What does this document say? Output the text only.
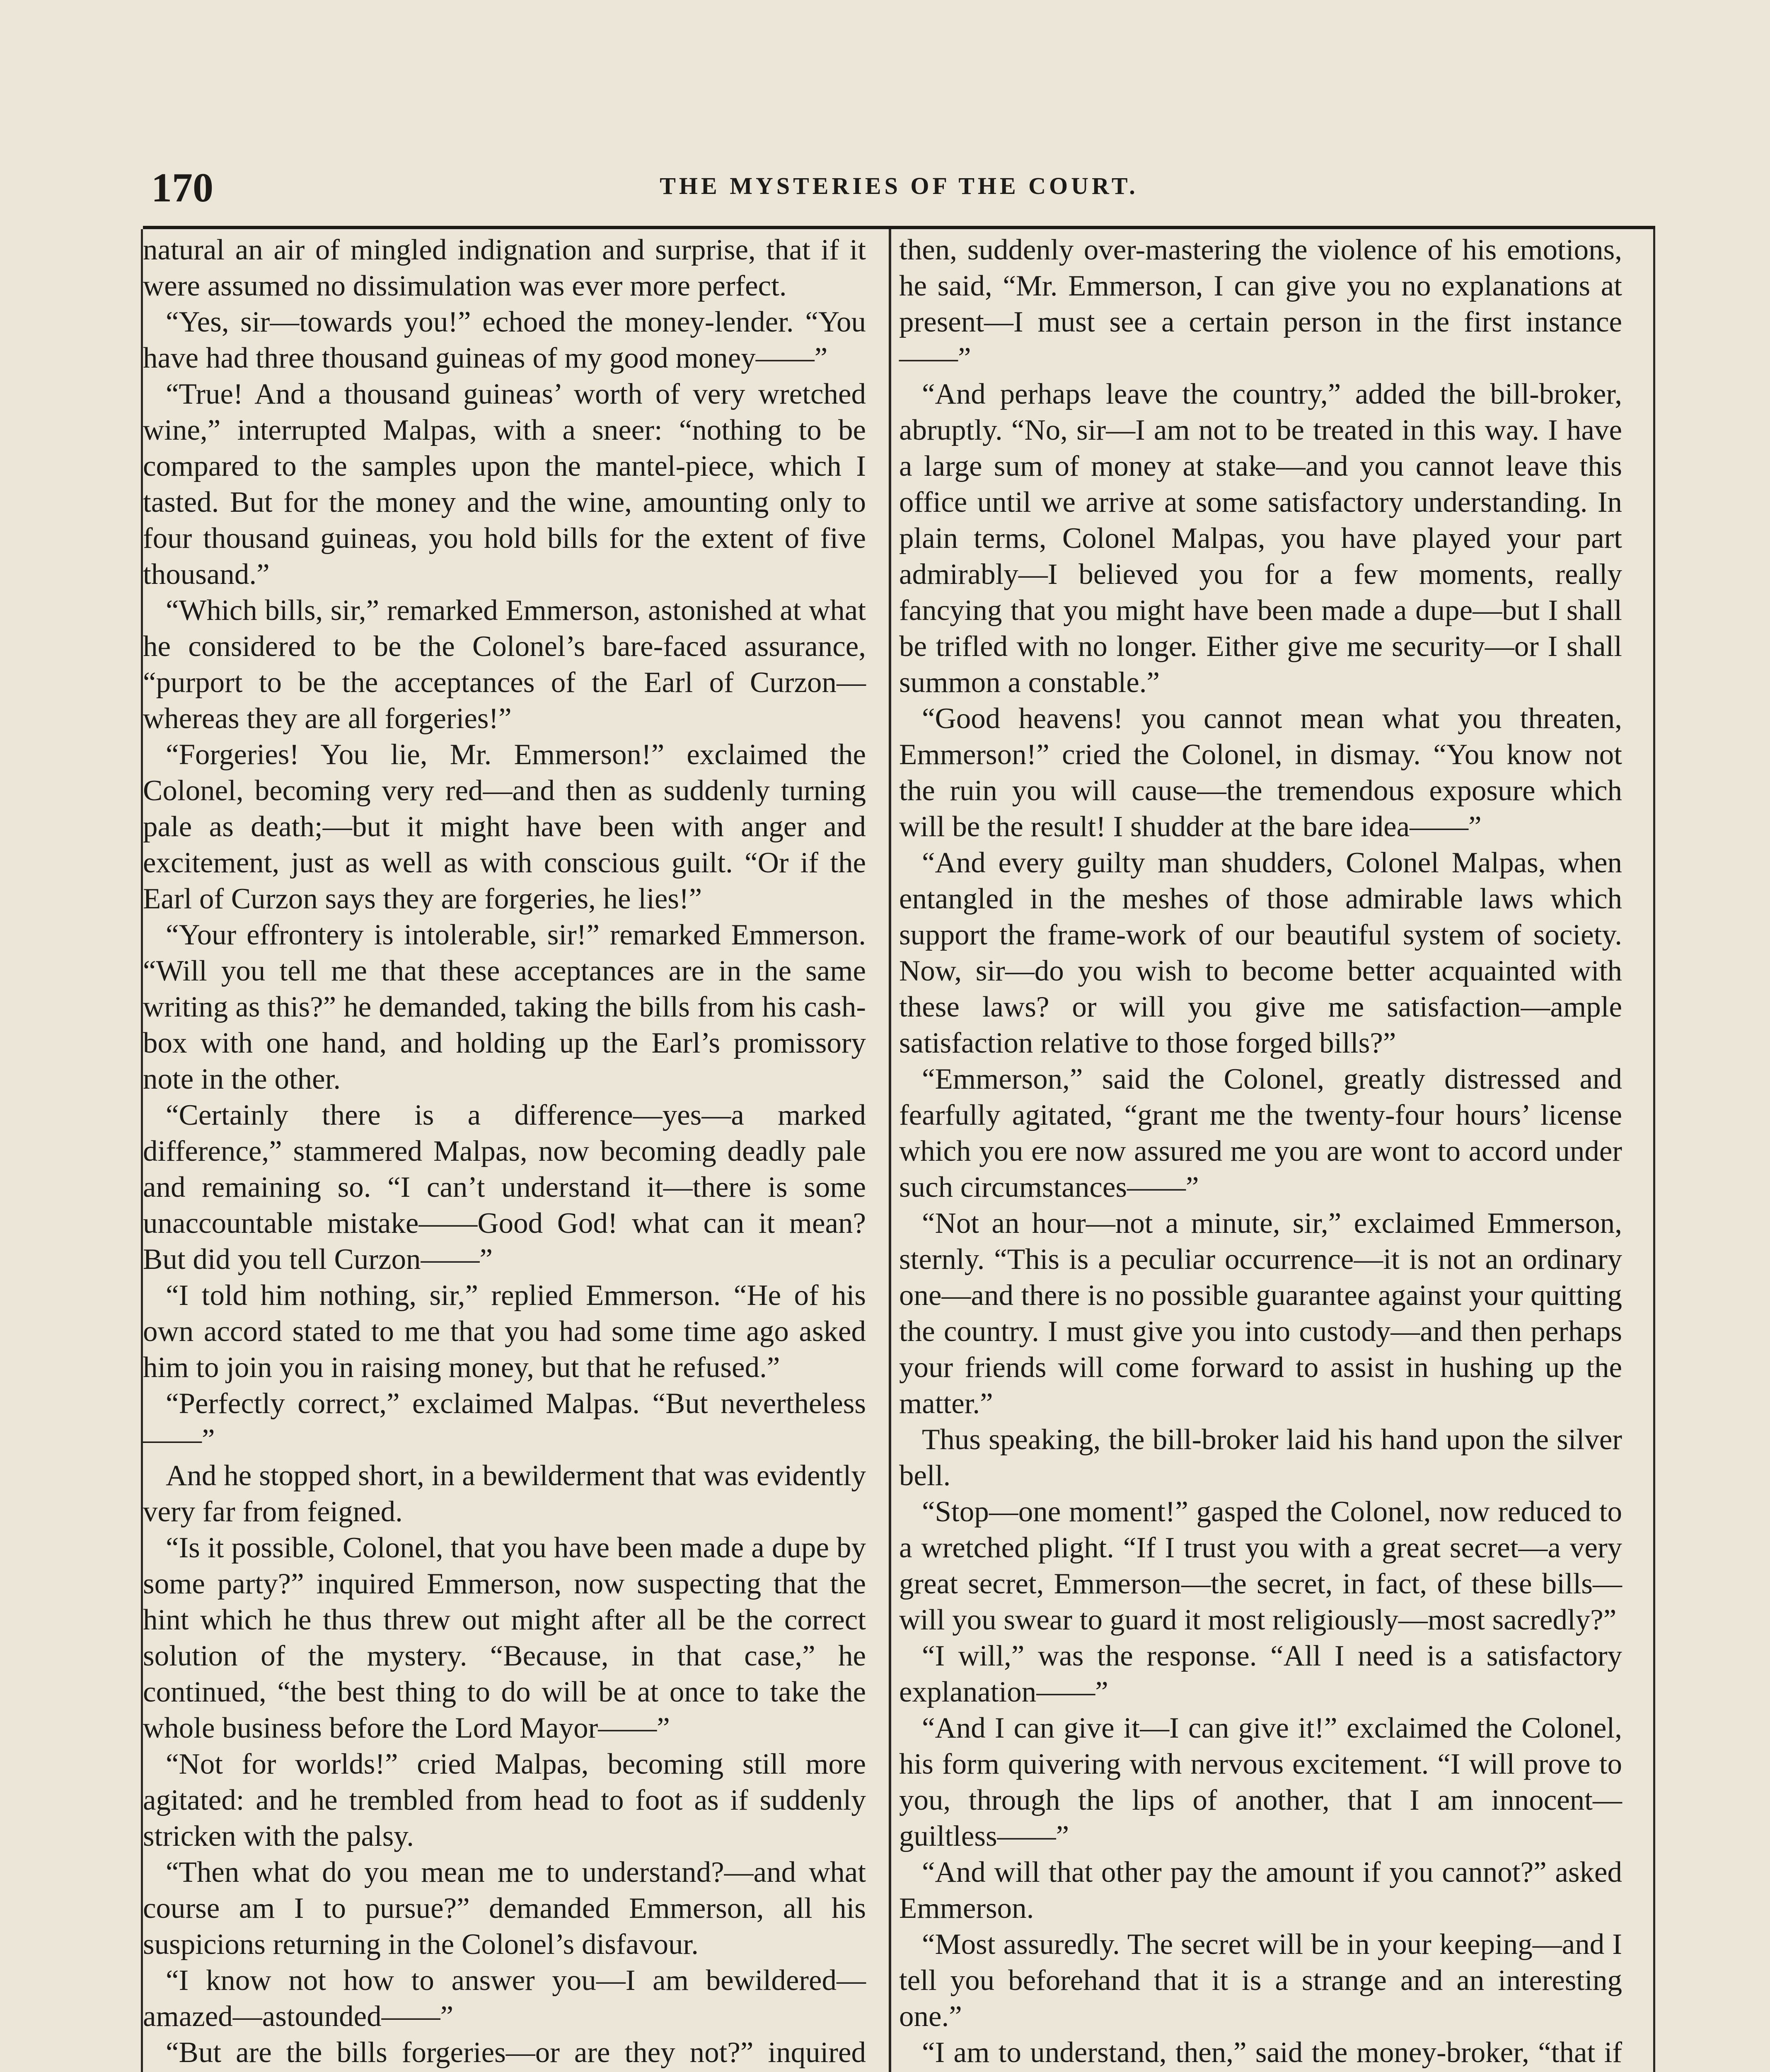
170	THE MYSTERIES OF THE COURT.

natural an air of mingled indignation and surprise, that if it were assumed no dissimulation was ever more perfect.

“Yes, sir—towards you!” echoed the money-lender. “You have had three thousand guineas of my good money——”

“True! And a thousand guineas’ worth of very wretched wine,” interrupted Malpas, with a sneer: “nothing to be compared to the samples upon the mantel-piece, which I tasted. But for the money and the wine, amounting only to four thousand guineas, you hold bills for the extent of five thousand.”

“Which bills, sir,” remarked Emmerson, astonished at what he considered to be the Colonel’s bare-faced assurance, “purport to be the acceptances of the Earl of Curzon—whereas they are all forgeries!”

“Forgeries! You lie, Mr. Emmerson!” exclaimed the Colonel, becoming very red—and then as suddenly turning pale as death;—but it might have been with anger and excitement, just as well as with conscious guilt. “Or if the Earl of Curzon says they are forgeries, he lies!”

“Your effrontery is intolerable, sir!” remarked Emmerson. “Will you tell me that these acceptances are in the same writing as this?” he demanded, taking the bills from his cash-box with one hand, and holding up the Earl’s promissory note in the other.

“Certainly there is a difference—yes—a marked difference,” stammered Malpas, now becoming deadly pale and remaining so. “I can’t understand it—there is some unaccountable mistake——Good God! what can it mean? But did you tell Curzon——”

“I told him nothing, sir,” replied Emmerson. “He of his own accord stated to me that you had some time ago asked him to join you in raising money, but that he refused.”

“Perfectly correct,” exclaimed Malpas. “But nevertheless——”

And he stopped short, in a bewilderment that was evidently very far from feigned.

“Is it possible, Colonel, that you have been made a dupe by some party?” inquired Emmerson, now suspecting that the hint which he thus threw out might after all be the correct solution of the mystery. “Because, in that case,” he continued, “the best thing to do will be at once to take the whole business before the Lord Mayor——”

“Not for worlds!” cried Malpas, becoming still more agitated: and he trembled from head to foot as if suddenly stricken with the palsy.

“Then what do you mean me to understand?—and what course am I to pursue?” demanded Emmerson, all his suspicions returning in the Colonel’s disfavour.

“I know not how to answer you—I am bewildered—amazed—astounded——”

“But are the bills forgeries—or are they not?” inquired

then, suddenly over-mastering the violence of his emotions, he said, “Mr. Emmerson, I can give you no explanations at present—I must see a certain person in the first instance——”

“And perhaps leave the country,” added the bill-broker, abruptly. “No, sir—I am not to be treated in this way. I have a large sum of money at stake—and you cannot leave this office until we arrive at some satisfactory understanding. In plain terms, Colonel Malpas, you have played your part admirably—I believed you for a few moments, really fancying that you might have been made a dupe—but I shall be trifled with no longer. Either give me security—or I shall summon a constable.”

“Good heavens! you cannot mean what you threaten, Emmerson!” cried the Colonel, in dismay. “You know not the ruin you will cause—the tremendous exposure which will be the result! I shudder at the bare idea——”

“And every guilty man shudders, Colonel Malpas, when entangled in the meshes of those admirable laws which support the frame-work of our beautiful system of society. Now, sir—do you wish to become better acquainted with these laws? or will you give me satisfaction—ample satisfaction relative to those forged bills?”

“Emmerson,” said the Colonel, greatly distressed and fearfully agitated, “grant me the twenty-four hours’ license which you ere now assured me you are wont to accord under such circumstances——”

“Not an hour—not a minute, sir,” exclaimed Emmerson, sternly. “This is a peculiar occurrence—it is not an ordinary one—and there is no possible guarantee against your quitting the country. I must give you into custody—and then perhaps your friends will come forward to assist in hushing up the matter.”

Thus speaking, the bill-broker laid his hand upon the silver bell.

“Stop—one moment!” gasped the Colonel, now reduced to a wretched plight. “If I trust you with a great secret—a very great secret, Emmerson—the secret, in fact, of these bills—will you swear to guard it most religiously—most sacredly?”

“I will,” was the response. “All I need is a satisfactory explanation——”

“And I can give it—I can give it!” exclaimed the Colonel, his form quivering with nervous excitement. “I will prove to you, through the lips of another, that I am innocent—guiltless——”

“And will that other pay the amount if you cannot?” asked Emmerson.

“Most assuredly. The secret will be in your keeping—and I tell you beforehand that it is a strange and an interesting one.”

“I am to understand, then,” said the money-broker, “that if
